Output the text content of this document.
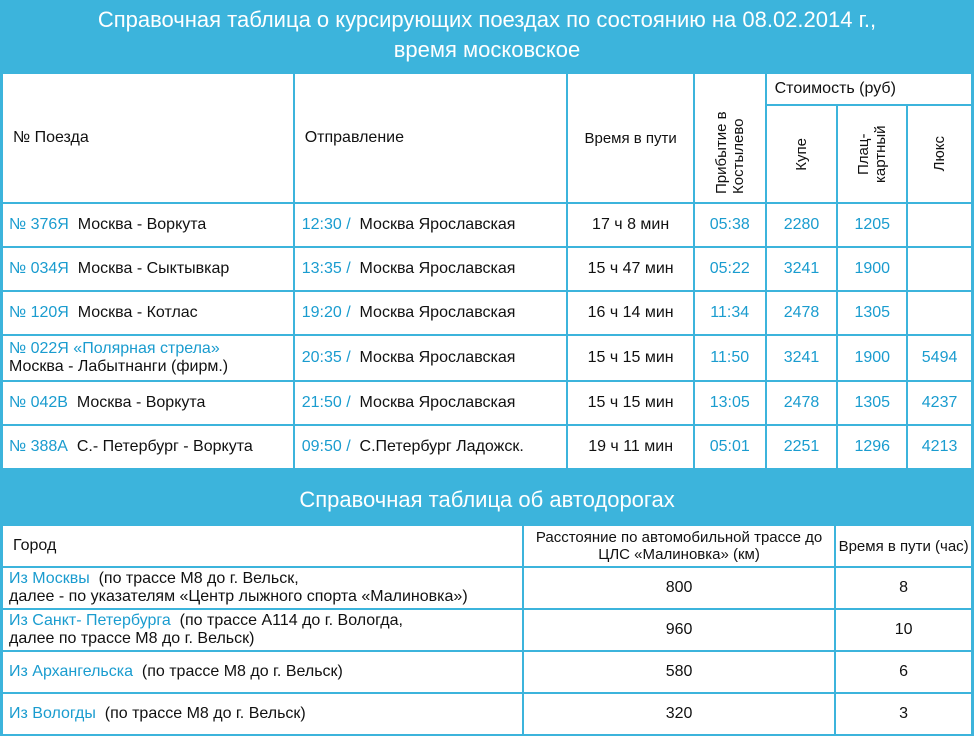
Справочная таблица о курсирующих поездах по состоянию на 08.02.2014 г.,
время московское
№ Поезда	Отправление	Время в пути	Прибытие в Костылево	Стоимость (руб)		

				Купе	Плац-картный	Люкс

№ 376Я Москва - Воркута	12:30 / Москва Ярославская	17 ч 8 мин	05:38	2280	1205	

№ 034Я Москва - Сыктывкар	13:35 / Москва Ярославская	15 ч 47 мин	05:22	3241	1900	

№ 120Я Москва - Котлас	19:20 / Москва Ярославская	16 ч 14 мин	11:34	2478	1305	

№ 022Я «Полярная стрела»
Москва - Лабытнанги (фирм.)	20:35 / Москва Ярославская	15 ч 15 мин	11:50	3241	1900	5494

№ 042В Москва - Воркута	21:50 / Москва Ярославская	15 ч 15 мин	13:05	2478	1305	4237

№ 388А С.- Петербург - Воркута	09:50 / С.Петербург Ладожск.	19 ч 11 мин	05:01	2251	1296	4213
Справочная таблица об автодорогах
Город	Расстояние по автомобильной трассе до ЦЛС «Малиновка» (км)	Время в пути (час)

Из Москвы (по трассе М8 до г. Вельск,
далее - по указателям «Центр лыжного спорта «Малиновка»)	800	8

Из Санкт- Петербурга (по трассе А114 до г. Вологда,
далее по трассе М8 до г. Вельск)	960	10

Из Архангельска (по трассе М8 до г. Вельск)	580	6

Из Вологды (по трассе М8 до г. Вельск)	320	3
